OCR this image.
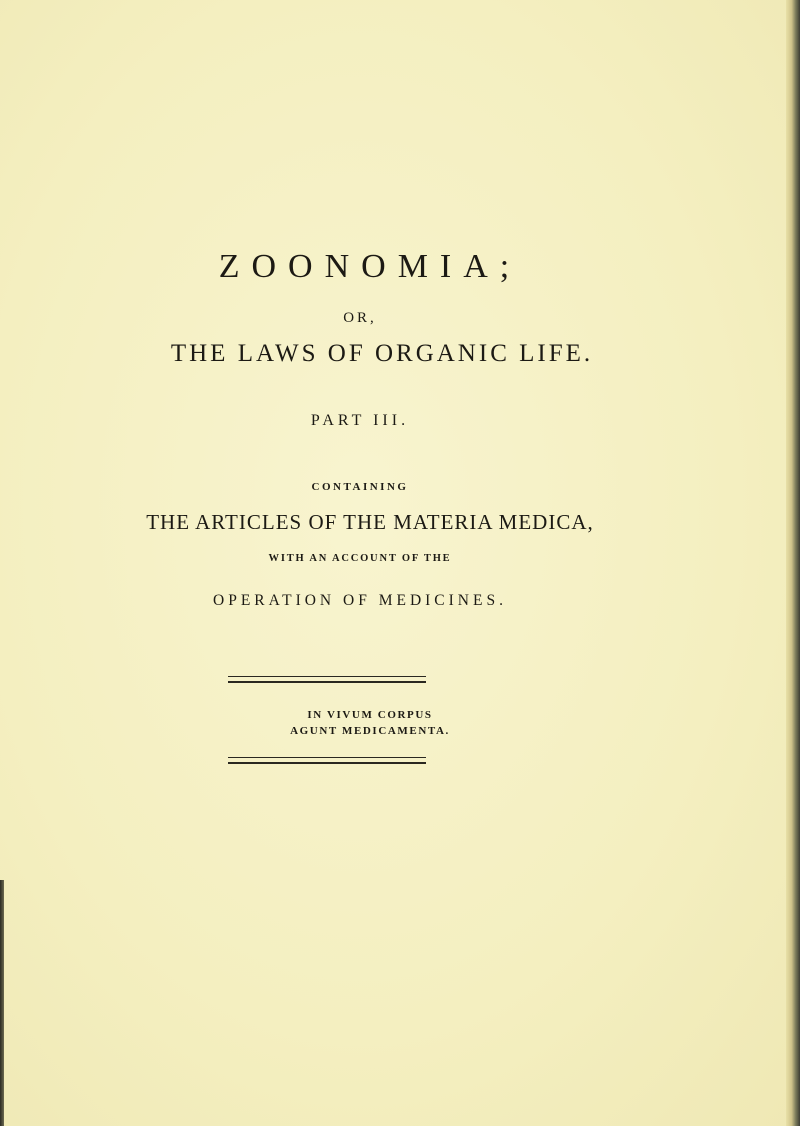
ZOONOMIA;
OR,
THE LAWS OF ORGANIC LIFE.
PART III.
CONTAINING
THE ARTICLES OF THE MATERIA MEDICA,
WITH AN ACCOUNT OF THE
OPERATION OF MEDICINES.
IN VIVUM CORPUS
AGUNT MEDICAMENTA.
